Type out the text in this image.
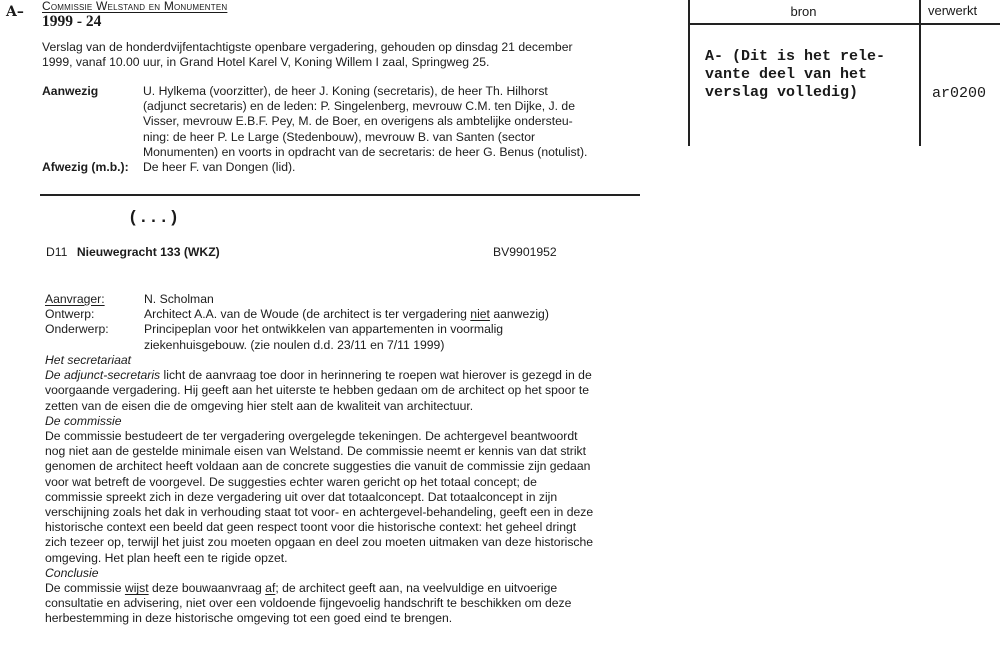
A– Commissie Welstand en Monumenten
1999 - 24
Verslag van de honderdvijfentachtigste openbare vergadering, gehouden op dinsdag 21 december
1999, vanaf 10.00 uur, in Grand Hotel Karel V, Koning Willem I zaal, Springweg 25.
Aanwezig	U. Hylkema (voorzitter), de heer J. Koning (secretaris), de heer Th. Hilhorst
(adjunct secretaris) en de leden: P. Singelenberg, mevrouw C.M. ten Dijke, J. de
Visser, mevrouw E.B.F. Pey, M. de Boer, en overigens als ambtelijke ondersteu-
ning: de heer P. Le Large (Stedenbouw), mevrouw B. van Santen (sector
Monumenten) en voorts in opdracht van de secretaris: de heer G. Benus (notulist).
Afwezig (m.b.):	De heer F. van Dongen (lid).
(...)
D11 Nieuwegracht 133 (WKZ)	BV9901952
Aanvrager:	N. Scholman
Ontwerp:	Architect A.A. van de Woude (de architect is ter vergadering niet aanwezig)
Onderwerp:	Principeplan voor het ontwikkelen van appartementen in voormalig
ziekenhuisgebouw. (zie noulen d.d. 23/11 en 7/11 1999)
Het secretariaat
De adjunct-secretaris licht de aanvraag toe door in herinnering te roepen wat hierover is gezegd in de
voorgaande vergadering. Hij geeft aan het uiterste te hebben gedaan om de architect op het spoor te
zetten van de eisen die de omgeving hier stelt aan de kwaliteit van architectuur.
De commissie
De commissie bestudeert de ter vergadering overgelegde tekeningen. De achtergevel beantwoordt
nog niet aan de gestelde minimale eisen van Welstand. De commissie neemt er kennis van dat strikt
genomen de architect heeft voldaan aan de concrete suggesties die vanuit de commissie zijn gedaan
voor wat betreft de voorgevel. De suggesties echter waren gericht op het totaal concept; de
commissie spreekt zich in deze vergadering uit over dat totaalconcept. Dat totaalconcept in zijn
verschijning zoals het dak in verhouding staat tot voor- en achtergevel-behandeling, geeft een in deze
historische context een beeld dat geen respect toont voor die historische context: het geheel dringt
zich tezeer op, terwijl het juist zou moeten opgaan en deel zou moeten uitmaken van deze historische
omgeving. Het plan heeft een te rigide opzet.
Conclusie
De commissie wijst deze bouwaanvraag af; de architect geeft aan, na veelvuldige en uitvoerige
consultatie en advisering, niet over een voldoende fijngevoelig handschrift te beschikken om deze
herbestemming in deze historische omgeving tot een goed eind te brengen.
bron	verwerkt
A- (Dit is het rele-
vante deel van het
verslag volledig)	ar0200
